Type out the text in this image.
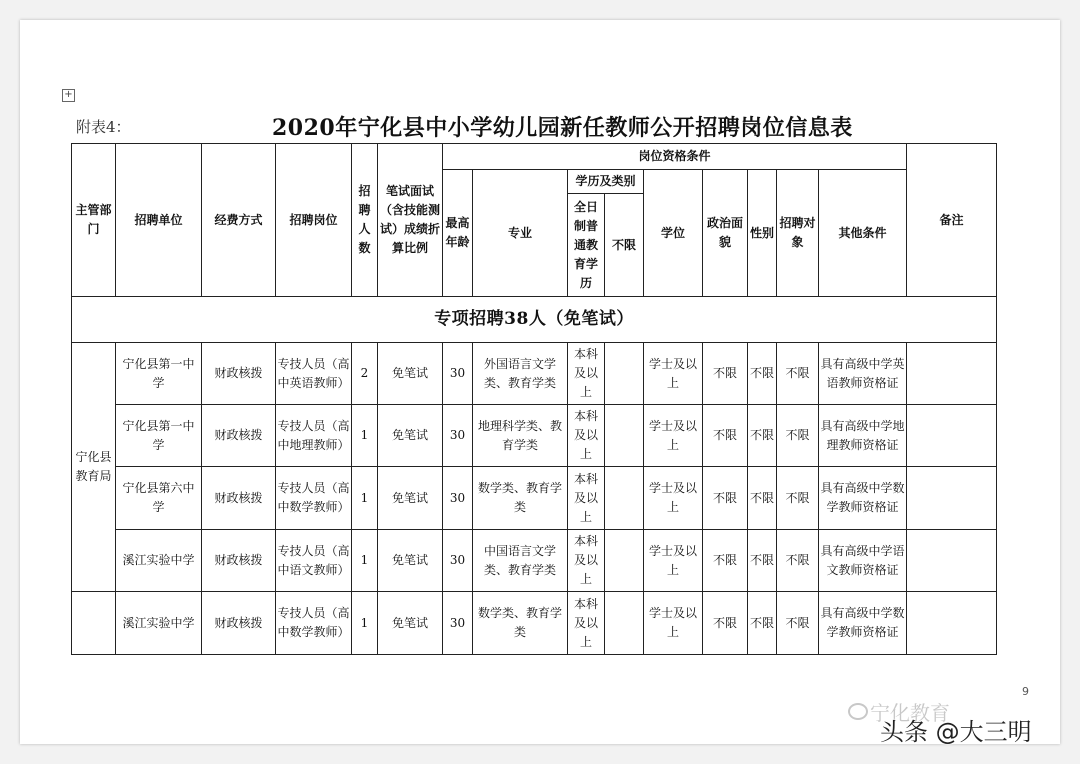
+
附表4：	2020年宁化县中小学幼儿园新任教师公开招聘岗位信息表
主管部门	招聘单位	经费方式	招聘岗位	招聘人数	笔试面试（含技能测试）成绩折算比例	岗位资格条件									备注
						最高年龄	专业	学历及类别		学位	政治面貌	性别	招聘对象	其他条件	
								全日制普通教育学历	不限						
专项招聘38人（免笔试）															
宁化县教育局	宁化县第一中学	财政核拨	专技人员（高中英语教师）	2	免笔试	30	外国语言文学类、教育学类	本科及以上		学士及以上	不限	不限	不限	具有高级中学英语教师资格证	
	宁化县第一中学	财政核拨	专技人员（高中地理教师）	1	免笔试	30	地理科学类、教育学类	本科及以上		学士及以上	不限	不限	不限	具有高级中学地理教师资格证	
	宁化县第六中学	财政核拨	专技人员（高中数学教师）	1	免笔试	30	数学类、教育学类	本科及以上		学士及以上	不限	不限	不限	具有高级中学数学教师资格证	
	溪江实验中学	财政核拨	专技人员（高中语文教师）	1	免笔试	30	中国语言文学类、教育学类	本科及以上		学士及以上	不限	不限	不限	具有高级中学语文教师资格证	
	溪江实验中学	财政核拨	专技人员（高中数学教师）	1	免笔试	30	数学类、教育学类	本科及以上		学士及以上	不限	不限	不限	具有高级中学数学教师资格证	
9
宁化教育
头条 @大三明
